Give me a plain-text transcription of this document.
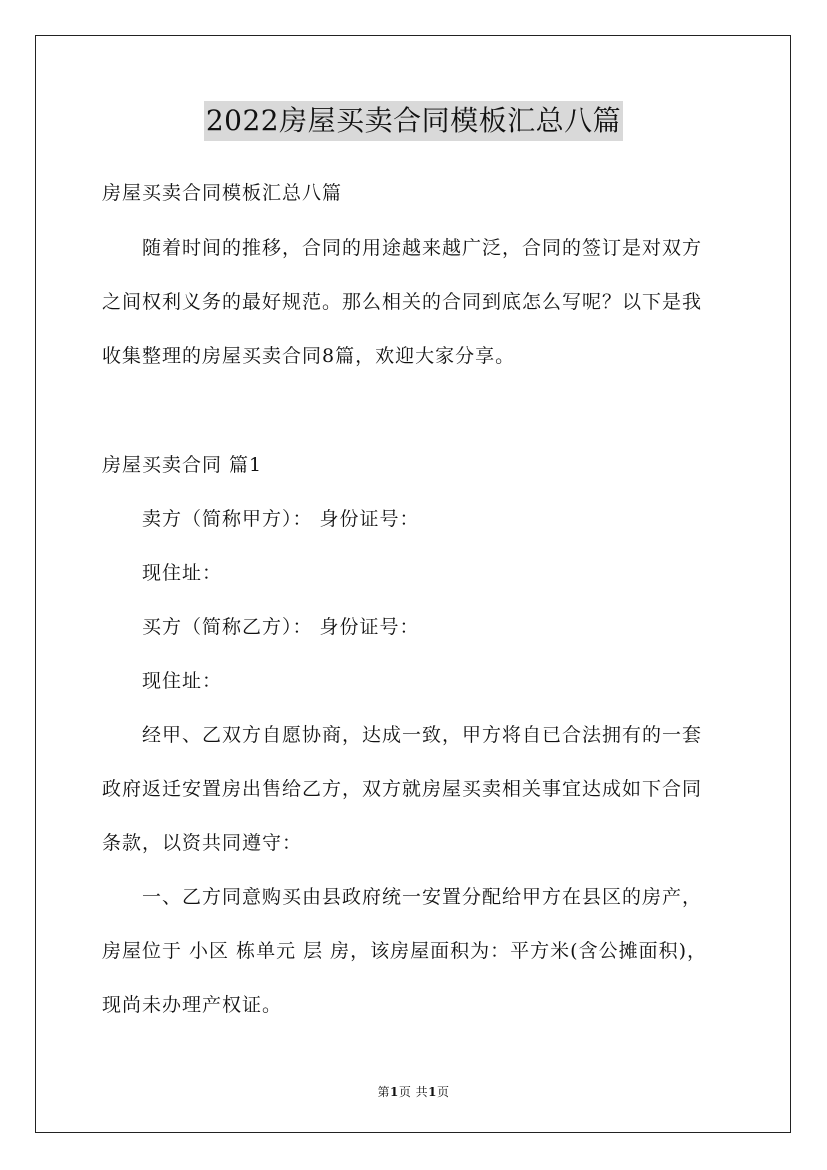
2022房屋买卖合同模板汇总八篇
房屋买卖合同模板汇总八篇
随着时间的推移，合同的用途越来越广泛，合同的签订是对双方
之间权利义务的最好规范。那么相关的合同到底怎么写呢？以下是我
收集整理的房屋买卖合同8篇，欢迎大家分享。
房屋买卖合同 篇1
卖方（简称甲方）： 身份证号：
现住址：
买方（简称乙方）： 身份证号：
现住址：
经甲、乙双方自愿协商，达成一致，甲方将自已合法拥有的一套
政府返迁安置房出售给乙方，双方就房屋买卖相关事宜达成如下合同
条款，以资共同遵守：
一、乙方同意购买由县政府统一安置分配给甲方在县区的房产，
房屋位于 小区 栋单元 层 房，该房屋面积为：平方米(含公摊面积)，
现尚未办理产权证。
第1页 共1页
